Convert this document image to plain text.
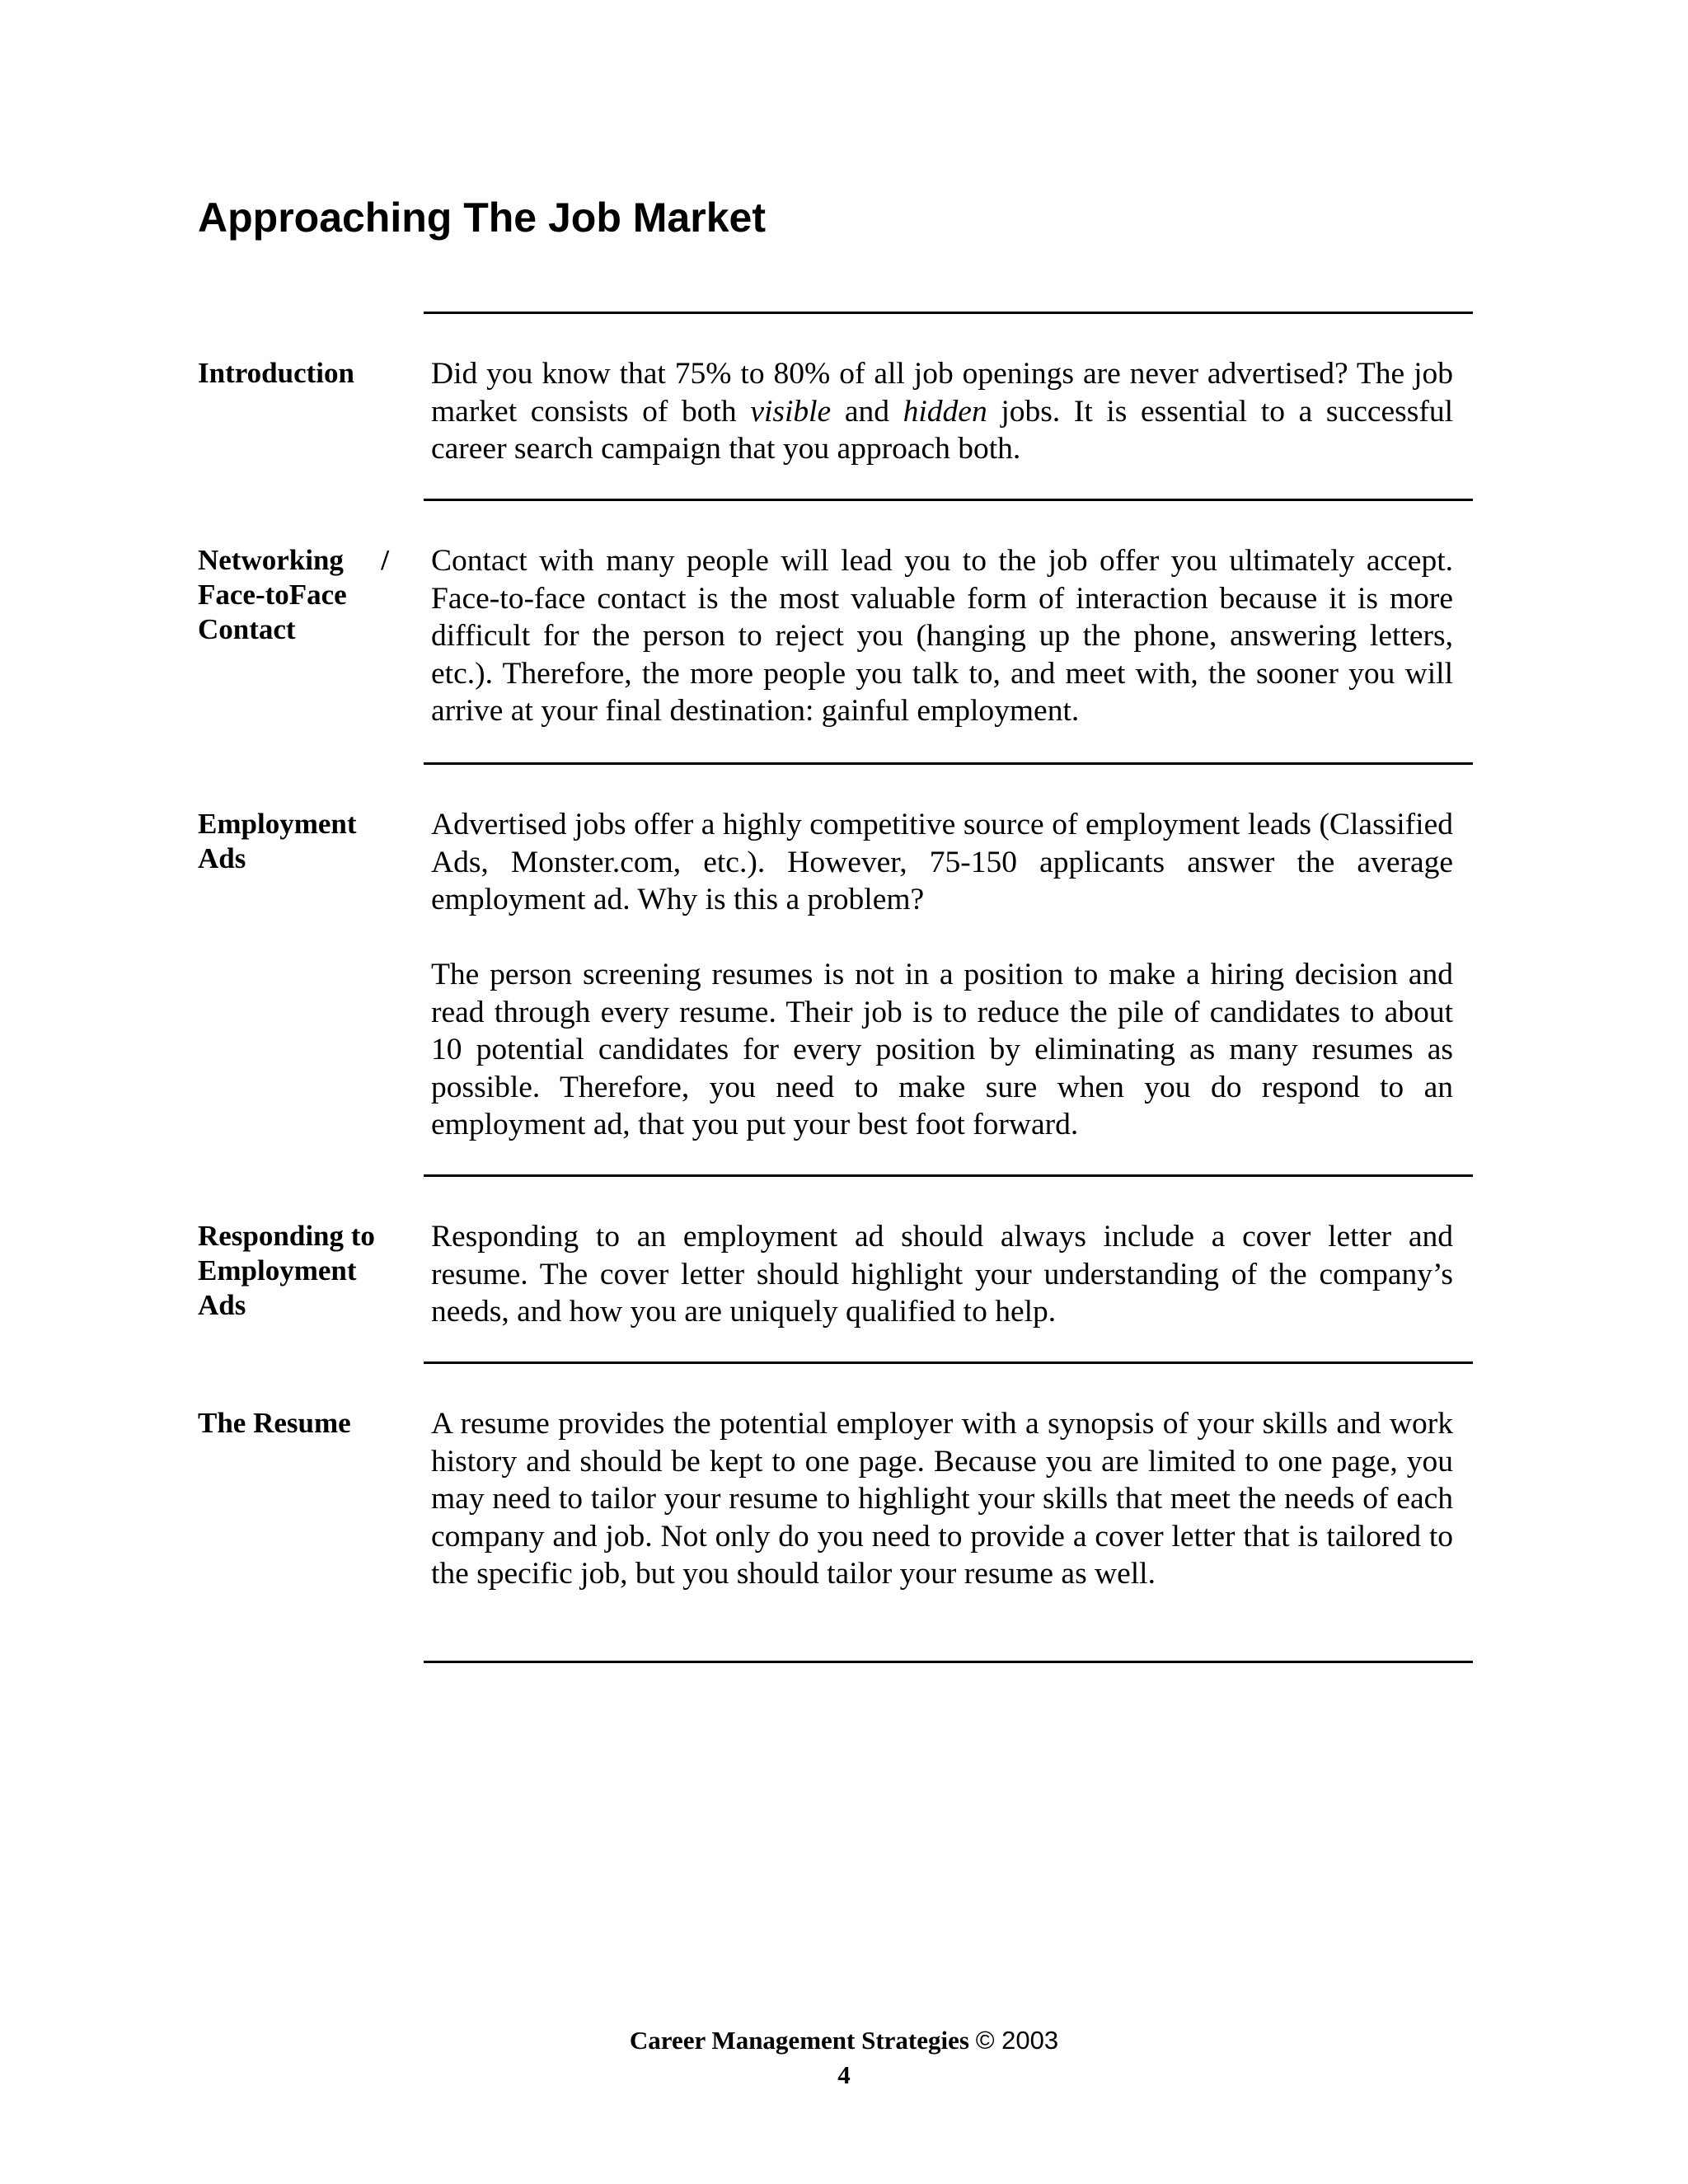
Approaching The Job Market
Introduction	Did you know that 75% to 80% of all job openings are never advertised? The job market consists of both visible and hidden jobs. It is essential to a successful career search campaign that you approach both.

Networking /
Face-toFace
Contact

Contact with many people will lead you to the job offer you ultimately accept. Face-to-face contact is the most valuable form of interaction because it is more difficult for the person to reject you (hanging up the phone, answering letters, etc.). Therefore, the more people you talk to, and meet with, the sooner you will arrive at your final destination: gainful employment.

Employment
Ads

Advertised jobs offer a highly competitive source of employment leads (Classified Ads, Monster.com, etc.). However, 75-150 applicants answer the average employment ad. Why is this a problem?

The person screening resumes is not in a position to make a hiring decision and read through every resume. Their job is to reduce the pile of candidates to about 10 potential candidates for every position by eliminating as many resumes as possible. Therefore, you need to make sure when you do respond to an employment ad, that you put your best foot forward.

Responding to
Employment
Ads

Responding to an employment ad should always include a cover letter and resume. The cover letter should highlight your understanding of the company’s needs, and how you are uniquely qualified to help.

The Resume	A resume provides the potential employer with a synopsis of your skills and work history and should be kept to one page. Because you are limited to one page, you may need to tailor your resume to highlight your skills that meet the needs of each company and job. Not only do you need to provide a cover letter that is tailored to the specific job, but you should tailor your resume as well.

Career Management Strategies © 2003
4
